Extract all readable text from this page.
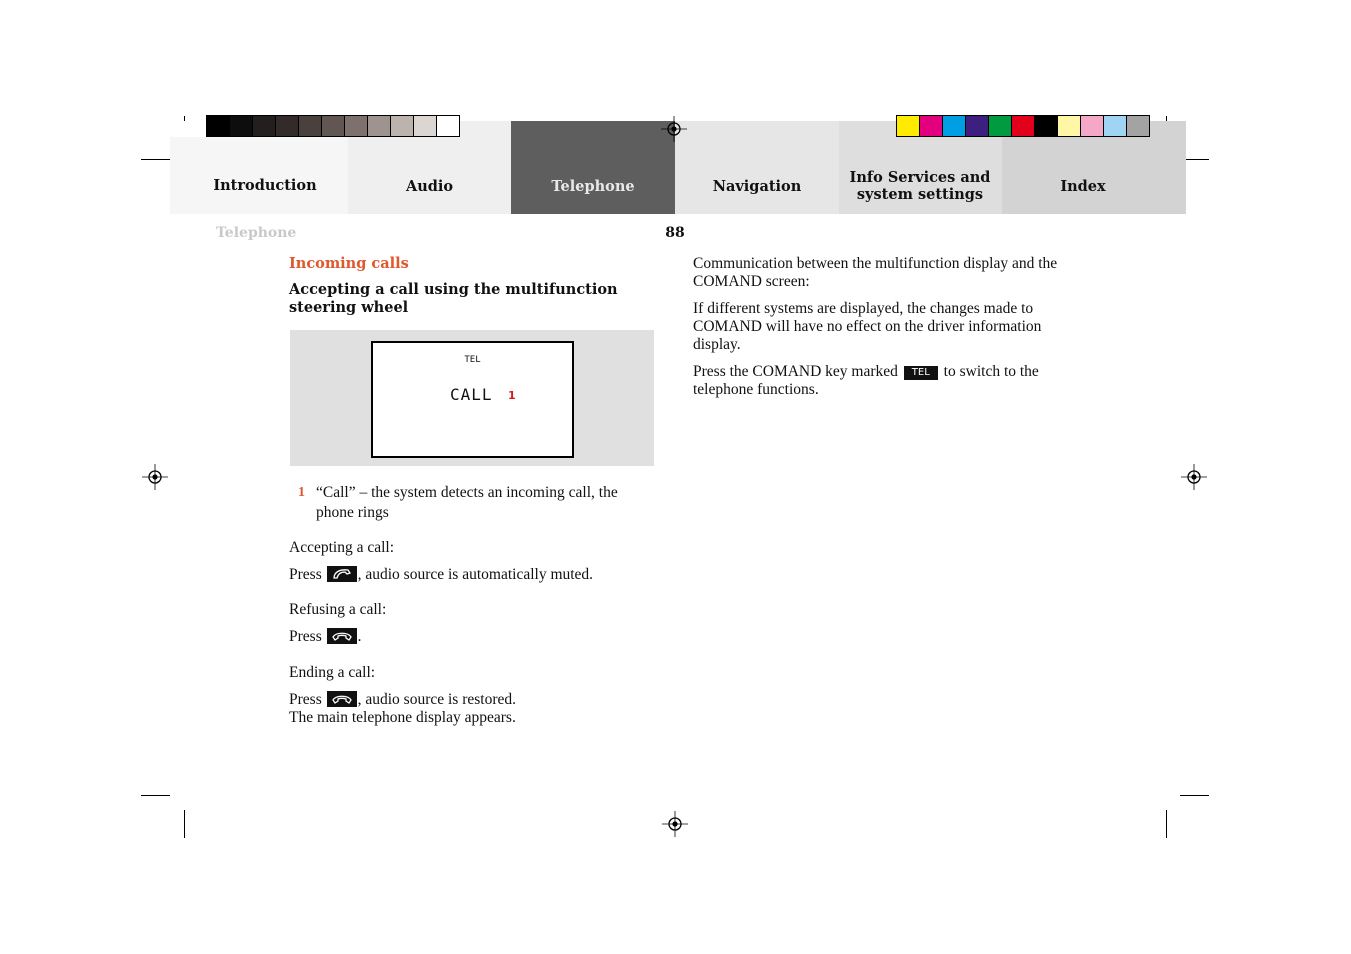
Introduction	Audio	Telephone	Navigation	Info Services and system settings	Index
Telephone	88
Incoming calls
Accepting a call using the multifunction steering wheel
TEL
CALL 1
1 “Call” – the system detects an incoming call, the phone rings
Accepting a call:
Press , audio source is automatically muted.
Refusing a call:
Press .
Ending a call:
Press , audio source is restored.
The main telephone display appears.
Communication between the multifunction display and the COMAND screen:
If different systems are displayed, the changes made to COMAND will have no effect on the driver information display.
Press the COMAND key marked TEL to switch to the telephone functions.
